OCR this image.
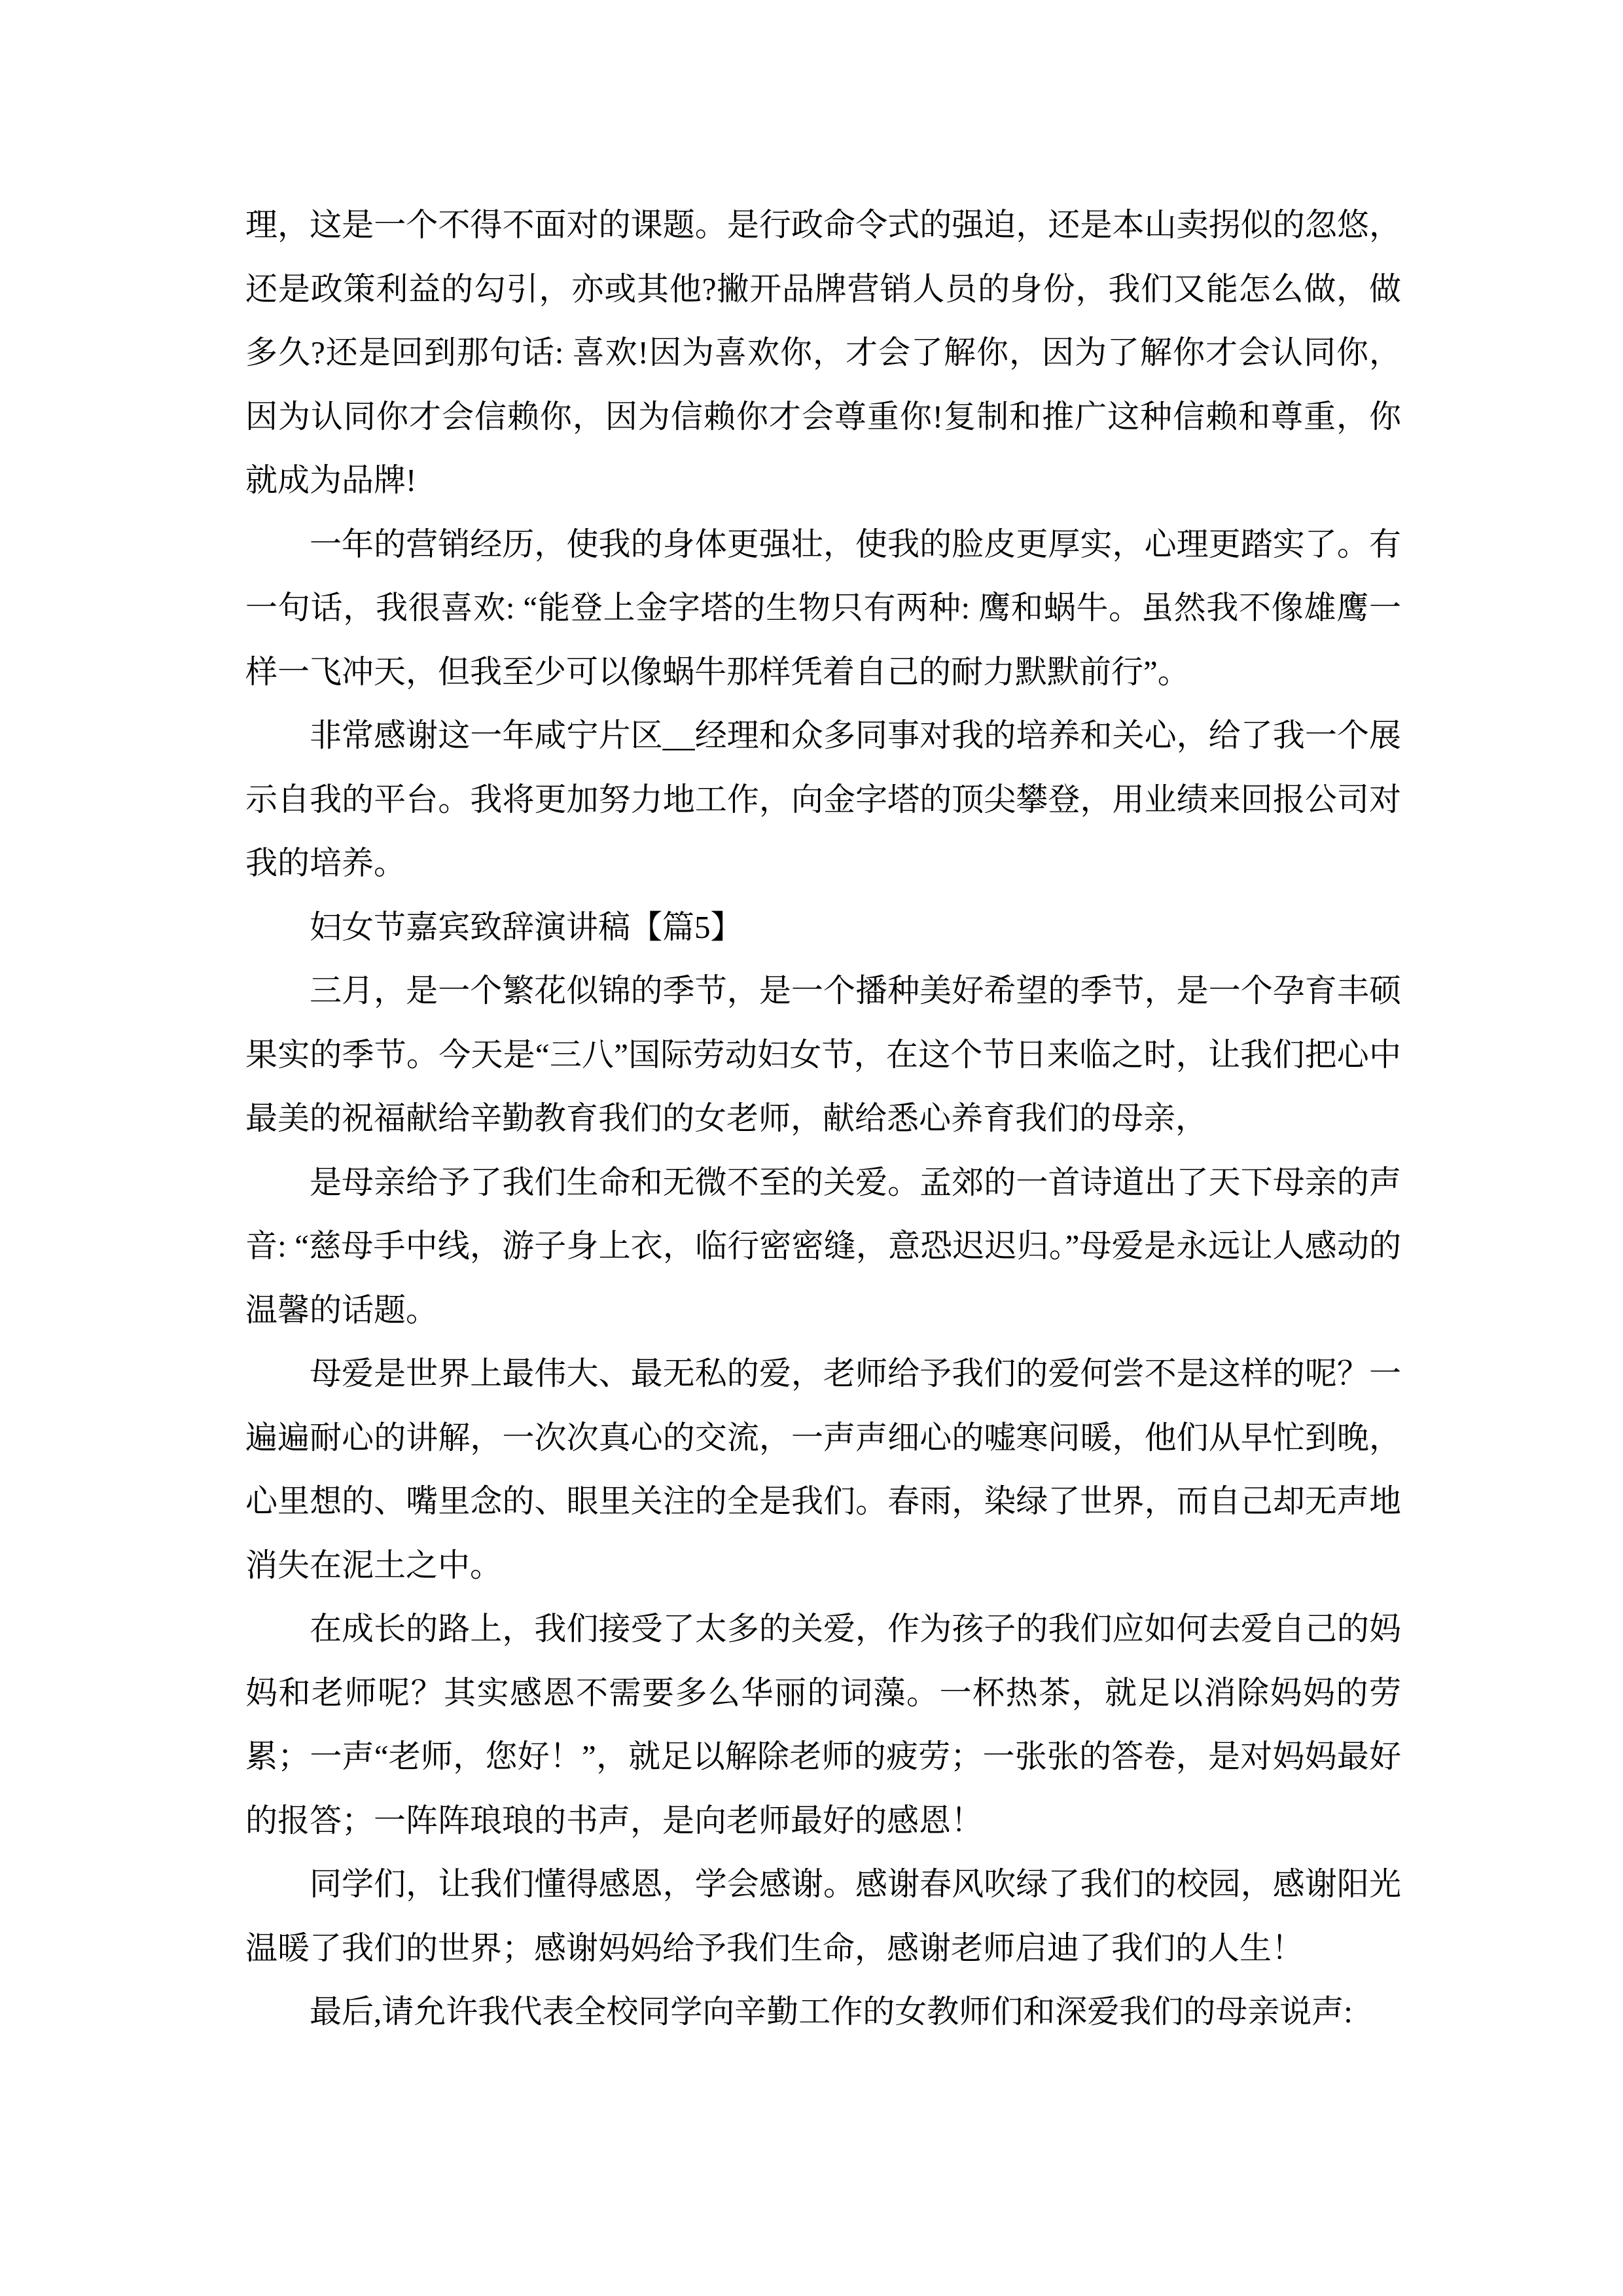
理，这是一个不得不面对的课题。是行政命令式的强迫，还是本山卖拐似的忽悠，还是政策利益的勾引，亦或其他?撇开品牌营销人员的身份，我们又能怎么做，做多久?还是回到那句话: 喜欢!因为喜欢你，才会了解你，因为了解你才会认同你，因为认同你才会信赖你，因为信赖你才会尊重你!复制和推广这种信赖和尊重，你就成为品牌!

一年的营销经历，使我的身体更强壮，使我的脸皮更厚实，心理更踏实了。有一句话，我很喜欢: “能登上金字塔的生物只有两种: 鹰和蜗牛。虽然我不像雄鹰一样一飞冲天，但我至少可以像蜗牛那样凭着自己的耐力默默前行”。

非常感谢这一年咸宁片区__经理和众多同事对我的培养和关心，给了我一个展示自我的平台。我将更加努力地工作，向金字塔的顶尖攀登，用业绩来回报公司对我的培养。

妇女节嘉宾致辞演讲稿【篇5】

三月，是一个繁花似锦的季节，是一个播种美好希望的季节，是一个孕育丰硕果实的季节。今天是“三八”国际劳动妇女节，在这个节日来临之时，让我们把心中最美的祝福献给辛勤教育我们的女老师，献给悉心养育我们的母亲，

是母亲给予了我们生命和无微不至的关爱。孟郊的一首诗道出了天下母亲的声音: “慈母手中线，游子身上衣，临行密密缝，意恐迟迟归。”母爱是永远让人感动的温馨的话题。

母爱是世界上最伟大、最无私的爱，老师给予我们的爱何尝不是这样的呢？一遍遍耐心的讲解，一次次真心的交流，一声声细心的嘘寒问暖，他们从早忙到晚，心里想的、嘴里念的、眼里关注的全是我们。春雨，染绿了世界，而自己却无声地消失在泥土之中。

在成长的路上，我们接受了太多的关爱，作为孩子的我们应如何去爱自己的妈妈和老师呢？其实感恩不需要多么华丽的词藻。一杯热茶，就足以消除妈妈的劳累；一声“老师，您好！”，就足以解除老师的疲劳；一张张的答卷，是对妈妈最好的报答；一阵阵琅琅的书声，是向老师最好的感恩！

同学们，让我们懂得感恩，学会感谢。感谢春风吹绿了我们的校园，感谢阳光温暖了我们的世界；感谢妈妈给予我们生命，感谢老师启迪了我们的人生！

最后,请允许我代表全校同学向辛勤工作的女教师们和深爱我们的母亲说声:
